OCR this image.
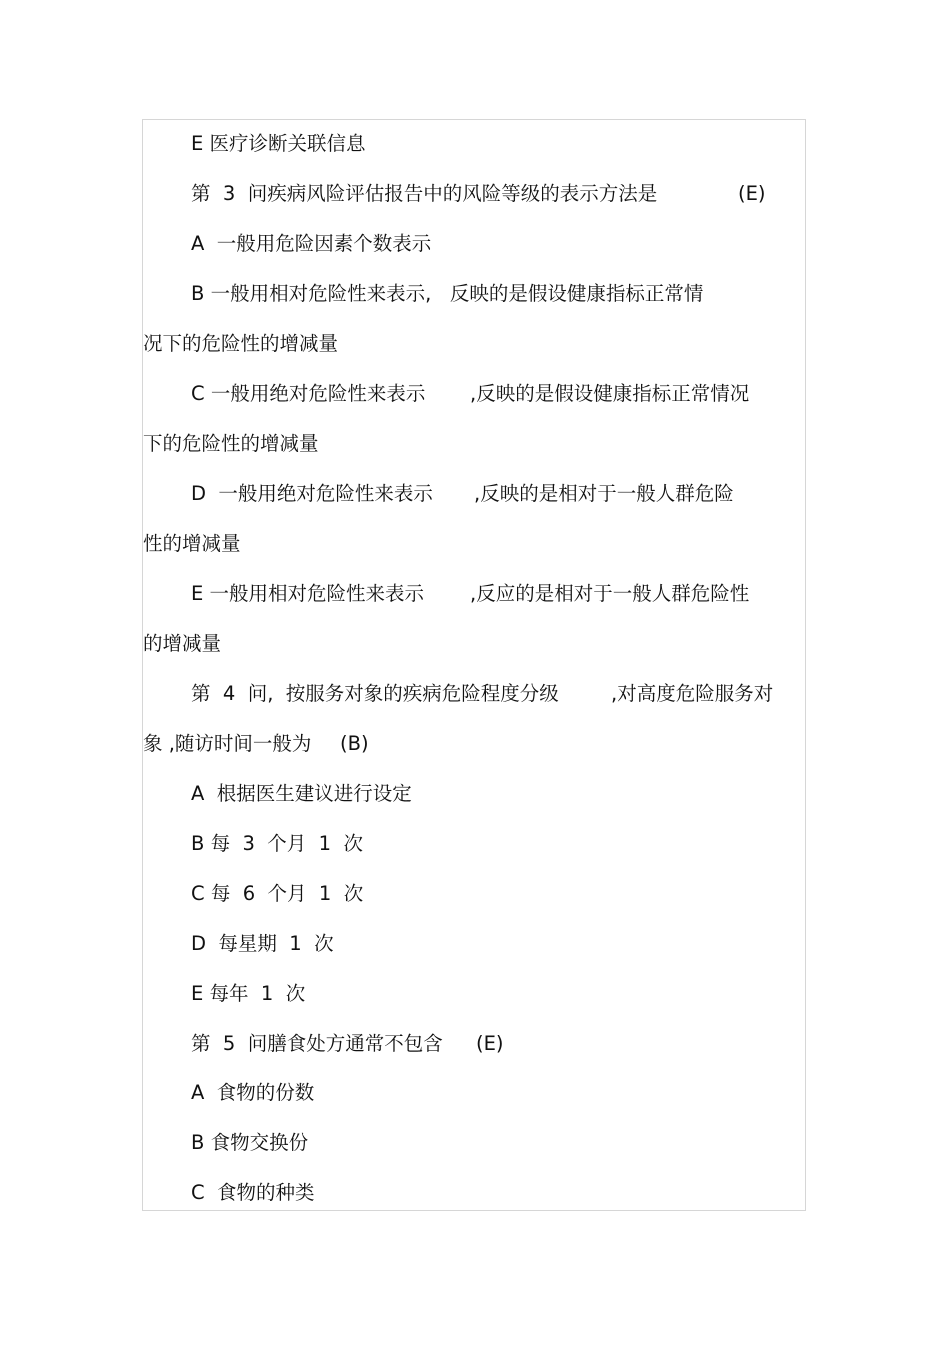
E 医疗诊断关联信息
第  3  问疾病风险评估报告中的风险等级的表示方法是	(E)
A  一般用危险因素个数表示
B 一般用相对危险性来表示,   反映的是假设健康指标正常情
况下的危险性的增减量
C 一般用绝对危险性来表示 ,反映的是假设健康指标正常情况
下的危险性的增减量
D  一般用绝对危险性来表示 ,反映的是相对于一般人群危险
性的增减量
E 一般用相对危险性来表示 ,反应的是相对于一般人群危险性
的增减量
第  4  问,  按服务对象的疾病危险程度分级	,对高度危险服务对
象 ,随访时间一般为 (B)
A  根据医生建议进行设定
B 每  3  个月  1  次
C 每  6  个月  1  次
D  每星期  1  次
E 每年  1  次
第  5  问膳食处方通常不包含 (E)
A  食物的份数
B 食物交换份
C  食物的种类
